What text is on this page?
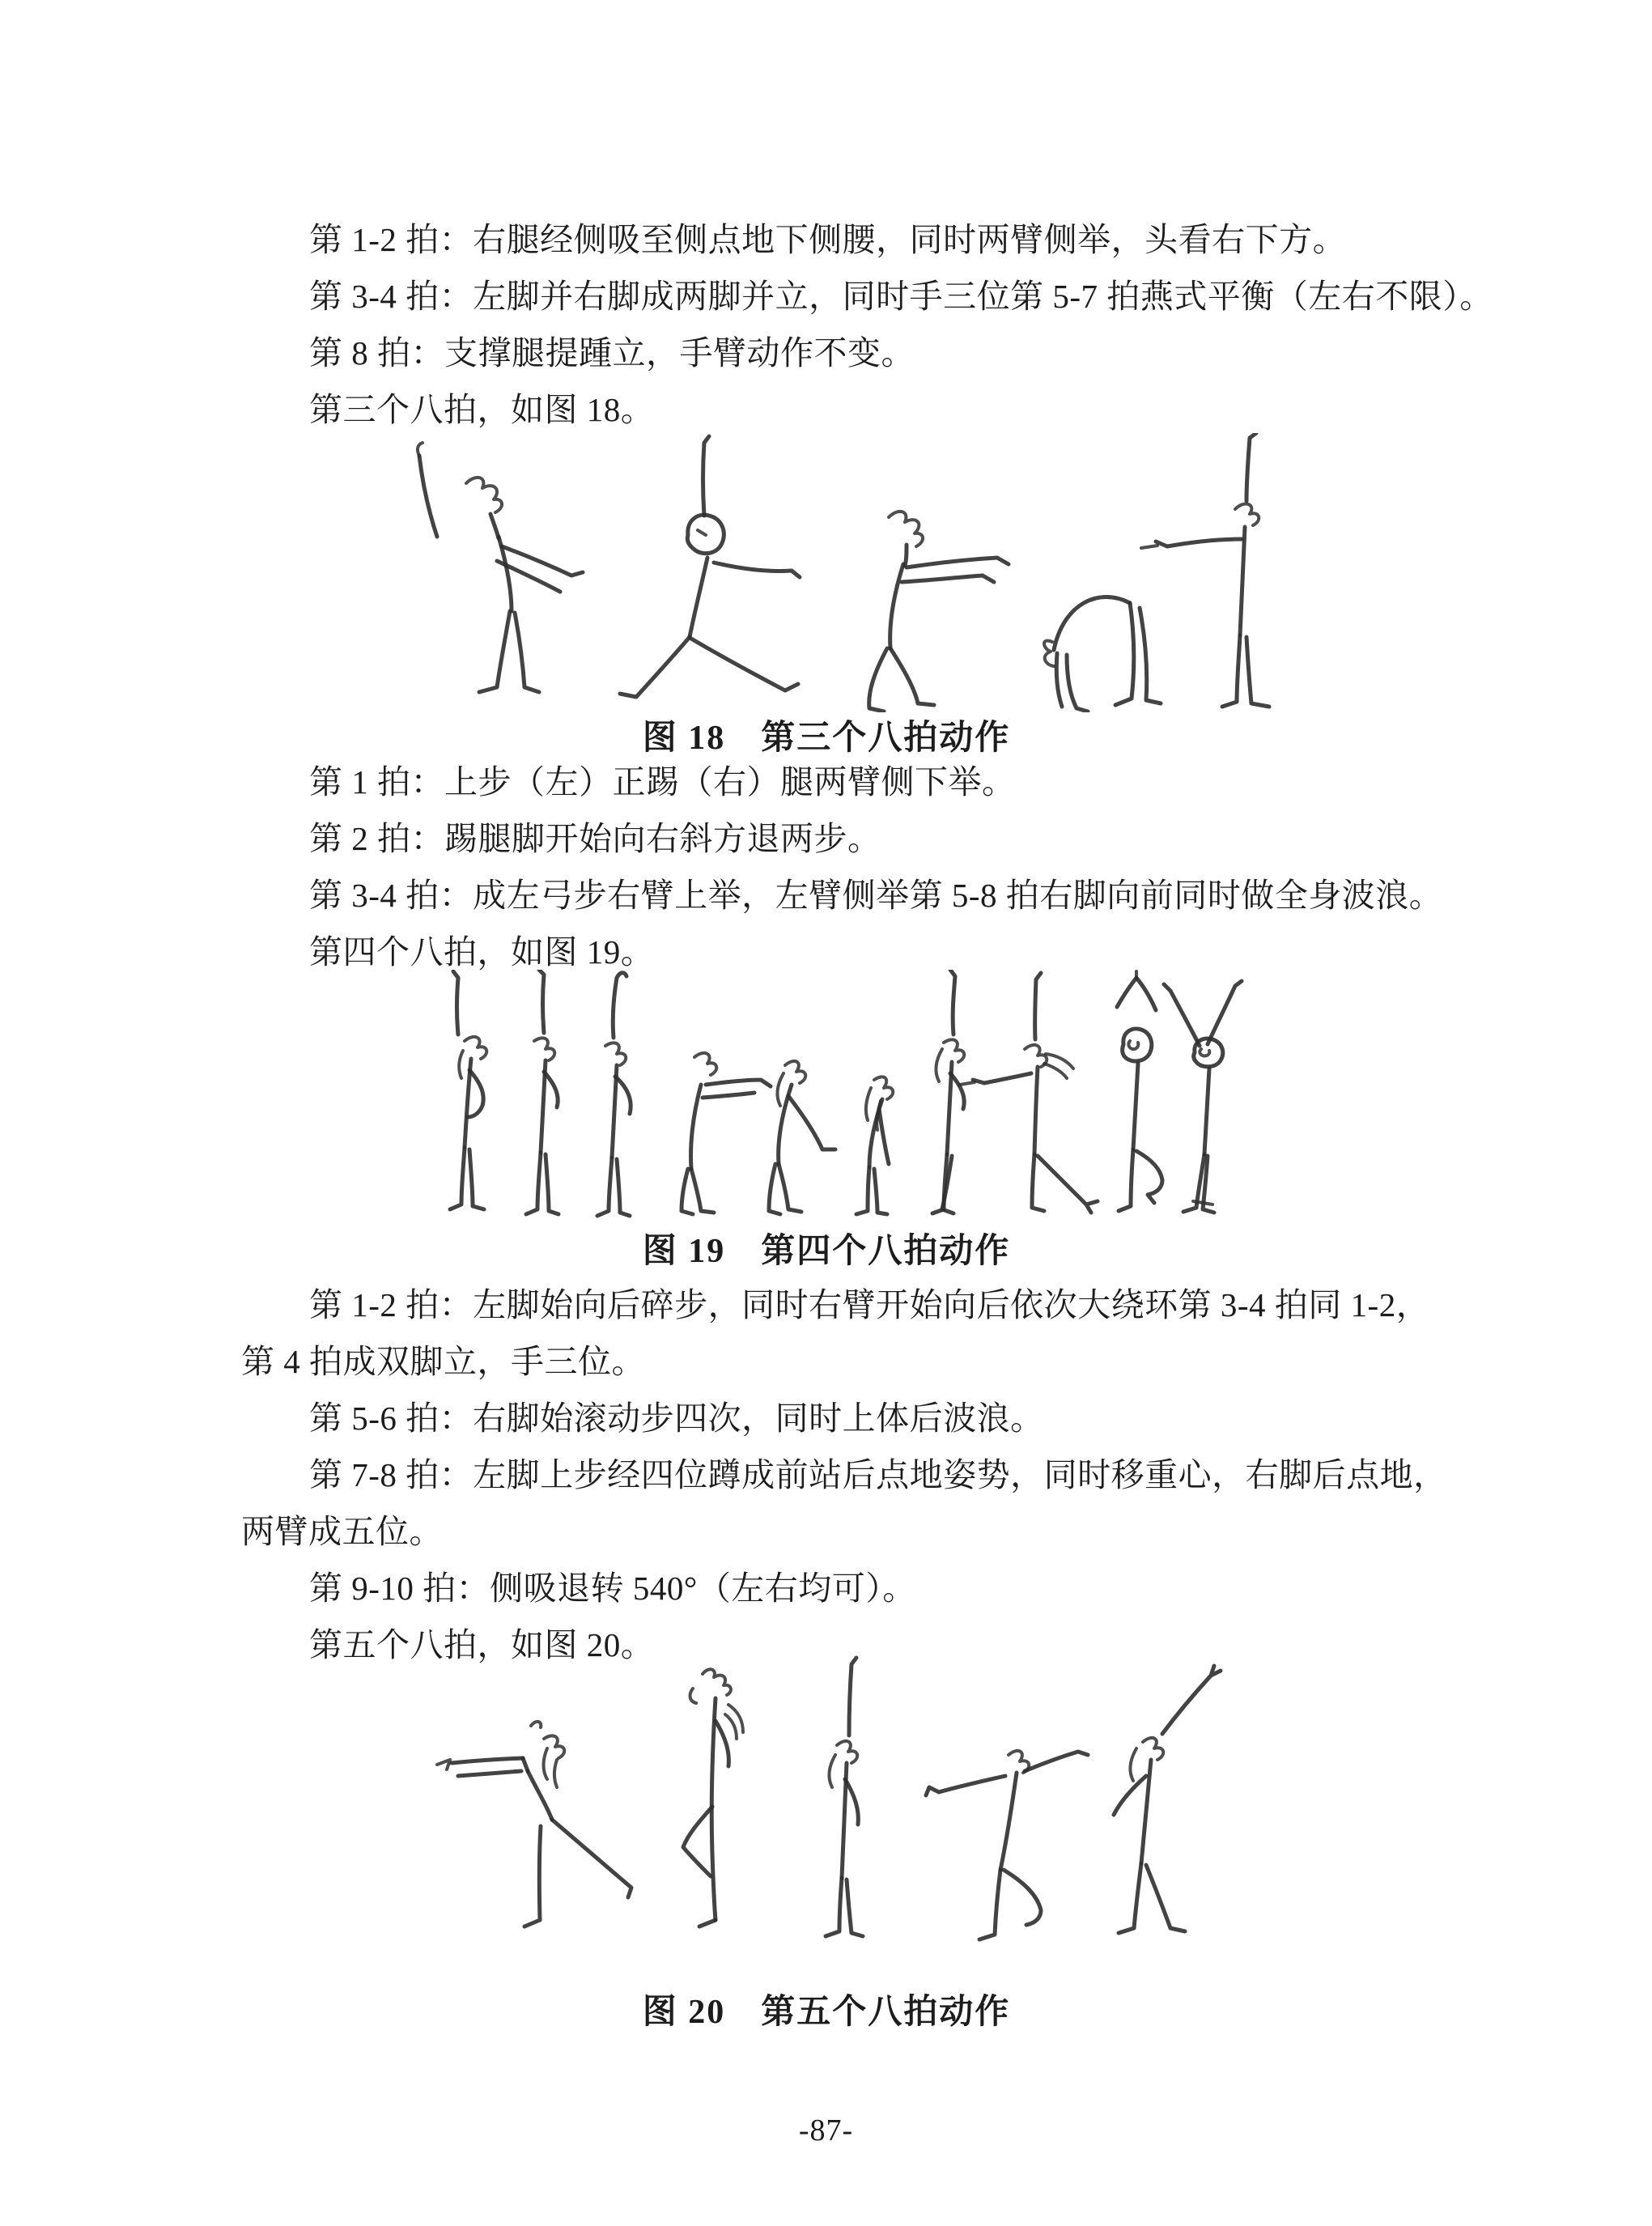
第 1-2 拍：右腿经侧吸至侧点地下侧腰，同时两臂侧举，头看右下方。
第 3-4 拍：左脚并右脚成两脚并立，同时手三位第 5-7 拍燕式平衡（左右不限）。
第 8 拍：支撑腿提踵立，手臂动作不变。
第三个八拍，如图 18。
图 18　第三个八拍动作
第 1 拍：上步（左）正踢（右）腿两臂侧下举。
第 2 拍：踢腿脚开始向右斜方退两步。
第 3-4 拍：成左弓步右臂上举，左臂侧举第 5-8 拍右脚向前同时做全身波浪。
第四个八拍，如图 19。
图 19　第四个八拍动作
第 1-2 拍：左脚始向后碎步，同时右臂开始向后依次大绕环第 3-4 拍同 1-2，
第 4 拍成双脚立，手三位。
第 5-6 拍：右脚始滚动步四次，同时上体后波浪。
第 7-8 拍：左脚上步经四位蹲成前站后点地姿势，同时移重心，右脚后点地，
两臂成五位。
第 9-10 拍：侧吸退转 540°（左右均可）。
第五个八拍，如图 20。
图 20　第五个八拍动作
-87-
